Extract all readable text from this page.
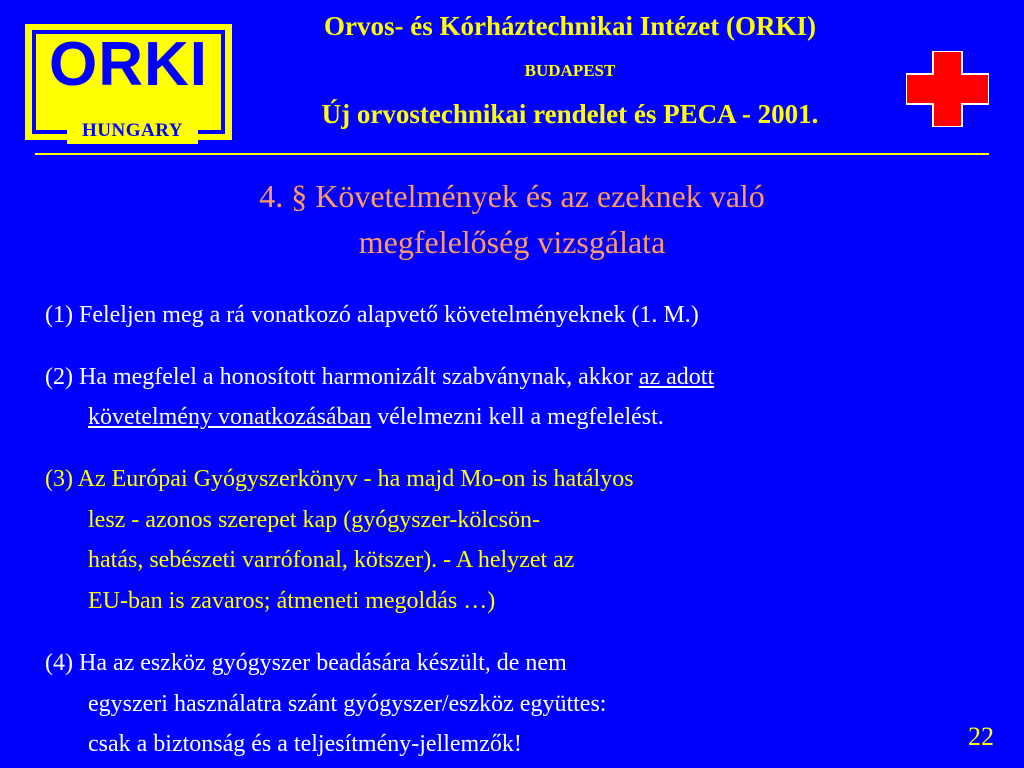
ORKI
HUNGARY
Orvos- és Kórháztechnikai Intézet (ORKI)
BUDAPEST
Új orvostechnikai rendelet és PECA - 2001.
4. § Követelmények és az ezeknek való
megfelelőség vizsgálata
(1) Feleljen meg a rá vonatkozó alapvető követelményeknek (1. M.)
(2) Ha megfelel a honosított harmonizált szabványnak, akkor az adott
követelmény vonatkozásában vélelmezni kell a megfelelést.
(3) Az Európai Gyógyszerkönyv - ha majd Mo-on is hatályos
lesz - azonos szerepet kap (gyógyszer-kölcsön-
hatás, sebészeti varrófonal, kötszer). - A helyzet az
EU-ban is zavaros; átmeneti megoldás …)
(4) Ha az eszköz gyógyszer beadására készült, de nem
egyszeri használatra szánt gyógyszer/eszköz együttes:
csak a biztonság és a teljesítmény-jellemzők!	22
